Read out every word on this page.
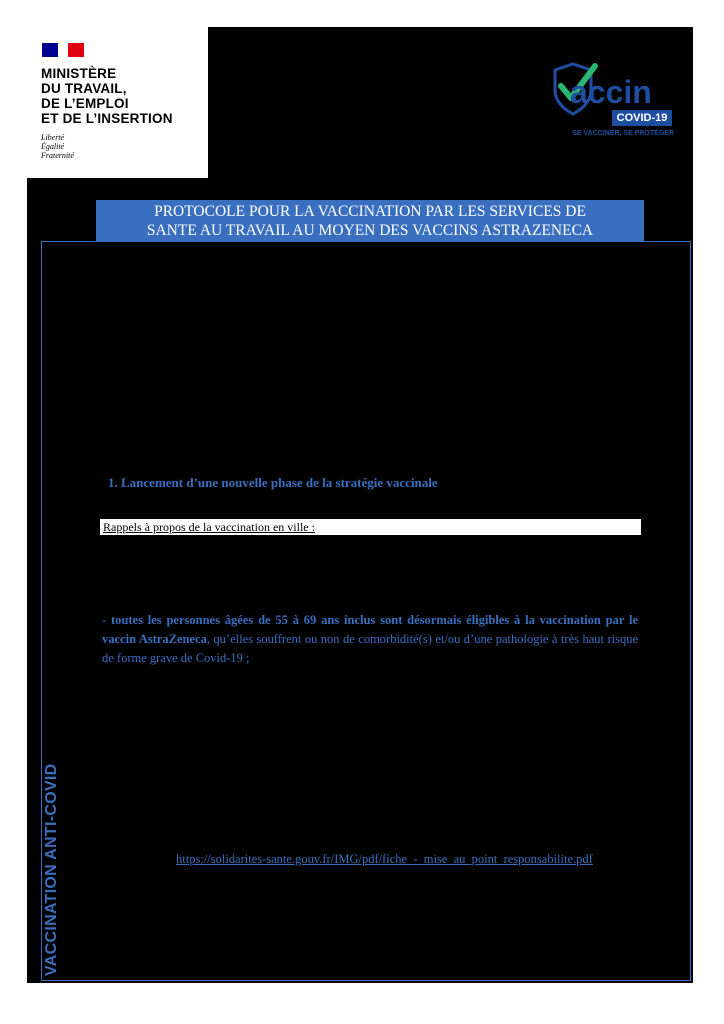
MINISTÈRE
DU TRAVAIL,
DE L’EMPLOI
ET DE L’INSERTION
Liberté
Égalité
Fraternité
accin
COVID-19
SE VACCINER, SE PROTÉGER
PROTOCOLE POUR LA VACCINATION PAR LES SERVICES DE
SANTE AU TRAVAIL AU MOYEN DES VACCINS ASTRAZENECA
VACCINATION ANTI-COVID
1. Lancement d’une nouvelle phase de la stratégie vaccinale
Rappels à propos de la vaccination en ville :
- toutes les personnes âgées de 55 à 69 ans inclus sont désormais éligibles à la vaccination par le vaccin AstraZeneca, qu’elles souffrent ou non de comorbidité(s) et/ou d’une pathologie à très haut risque de forme grave de Covid-19 ;
https://solidarites-sante.gouv.fr/IMG/pdf/fiche_-_mise_au_point_responsabilite.pdf
